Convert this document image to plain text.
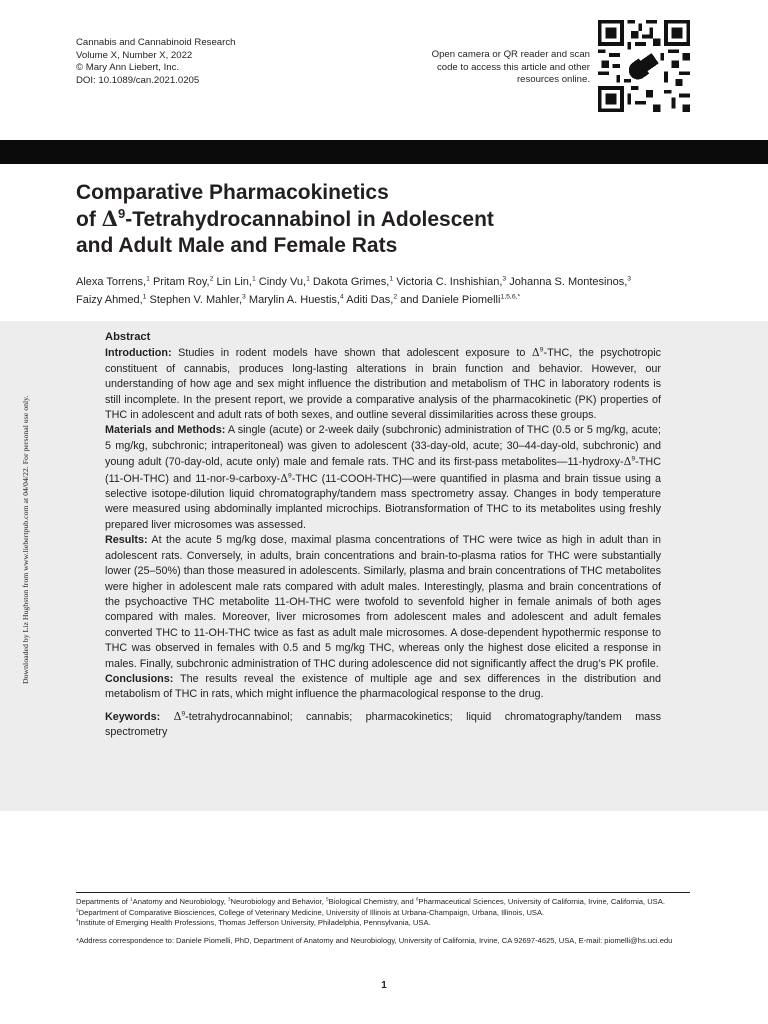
Cannabis and Cannabinoid Research
Volume X, Number X, 2022
© Mary Ann Liebert, Inc.
DOI: 10.1089/can.2021.0205
Open camera or QR reader and scan code to access this article and other resources online.
Comparative Pharmacokinetics
of $\Delta^9$-Tetrahydrocannabinol in Adolescent
and Adult Male and Female Rats
Alexa Torrens,$^1$ Pritam Roy,$^2$ Lin Lin,$^1$ Cindy Vu,$^1$ Dakota Grimes,$^1$ Victoria C. Inshishian,$^3$ Johanna S. Montesinos,$^3$
Faizy Ahmed,$^1$ Stephen V. Mahler,$^3$ Marylin A. Huestis,$^4$ Aditi Das,$^2$ and Daniele Piomelli$^{1,5,6,*}$
Downloaded by Liz Hughston from www.liebertpub.com at 04/04/22. For personal use only.

Abstract

Introduction: Studies in rodent models have shown that adolescent exposure to $\Delta^9$-THC, the psychotropic constituent of cannabis, produces long-lasting alterations in brain function and behavior. However, our understanding of how age and sex might influence the distribution and metabolism of THC in laboratory rodents is still incomplete. In the present report, we provide a comparative analysis of the pharmacokinetic (PK) properties of THC in adolescent and adult rats of both sexes, and outline several dissimilarities across these groups.

Materials and Methods: A single (acute) or 2-week daily (subchronic) administration of THC (0.5 or 5 mg/kg, acute; 5 mg/kg, subchronic; intraperitoneal) was given to adolescent (33-day-old, acute; 30–44-day-old, subchronic) and young adult (70-day-old, acute only) male and female rats. THC and its first-pass $metabolites—11-hydroxy-\Delta^9$-THC (11-OH-THC) and $11-nor-9-carboxy-\Delta^9$-THC (11-COOH-THC)—were quantified in plasma and brain tissue using a selective isotope-dilution liquid chromatography/tandem mass spectrometry assay. Changes in body temperature were measured using abdominally implanted microchips. Biotransformation of THC to its metabolites using freshly prepared liver microsomes was assessed.

Results: At the acute 5 mg/kg dose, maximal plasma concentrations of THC were twice as high in adult than in adolescent rats. Conversely, in adults, brain concentrations and brain-to-plasma ratios for THC were substantially lower (25–50%) than those measured in adolescents. Similarly, plasma and brain concentrations of THC metabolites were higher in adolescent male rats compared with adult males. Interestingly, plasma and brain concentrations of the psychoactive THC metabolite 11-OH-THC were twofold to sevenfold higher in female animals of both ages compared with males. Moreover, liver microsomes from adolescent males and adolescent and adult females converted THC to 11-OH-THC twice as fast as adult male microsomes. A dose-dependent hypothermic response to THC was observed in females with 0.5 and 5 mg/kg THC, whereas only the highest dose elicited a response in males. Finally, subchronic administration of THC during adolescence did not significantly affect the drug’s PK profile.

Conclusions: The results reveal the existence of multiple age and sex differences in the distribution and metabolism of THC in rats, which might influence the pharmacological response to the drug.

Keywords: $\Delta^9$-tetrahydrocannabinol; cannabis; pharmacokinetics; liquid chromatography/tandem mass spectrometry

Departments of $^1$Anatomy and Neurobiology, $^3$Neurobiology and Behavior, $^5$Biological Chemistry, and $^6$Pharmaceutical Sciences, University of California, Irvine, California, USA.

$^2$Department of Comparative Biosciences, College of Veterinary Medicine, University of Illinois at Urbana-Champaign, Urbana, Illinois, USA.

$^4$Institute of Emerging Health Professions, Thomas Jefferson University, Philadelphia, Pennsylvania, USA.

*Address correspondence to: Daniele Piomelli, PhD, Department of Anatomy and Neurobiology, University of California, Irvine, CA 92697-4625, USA, E-mail: piomelli@hs.uci.edu

1
